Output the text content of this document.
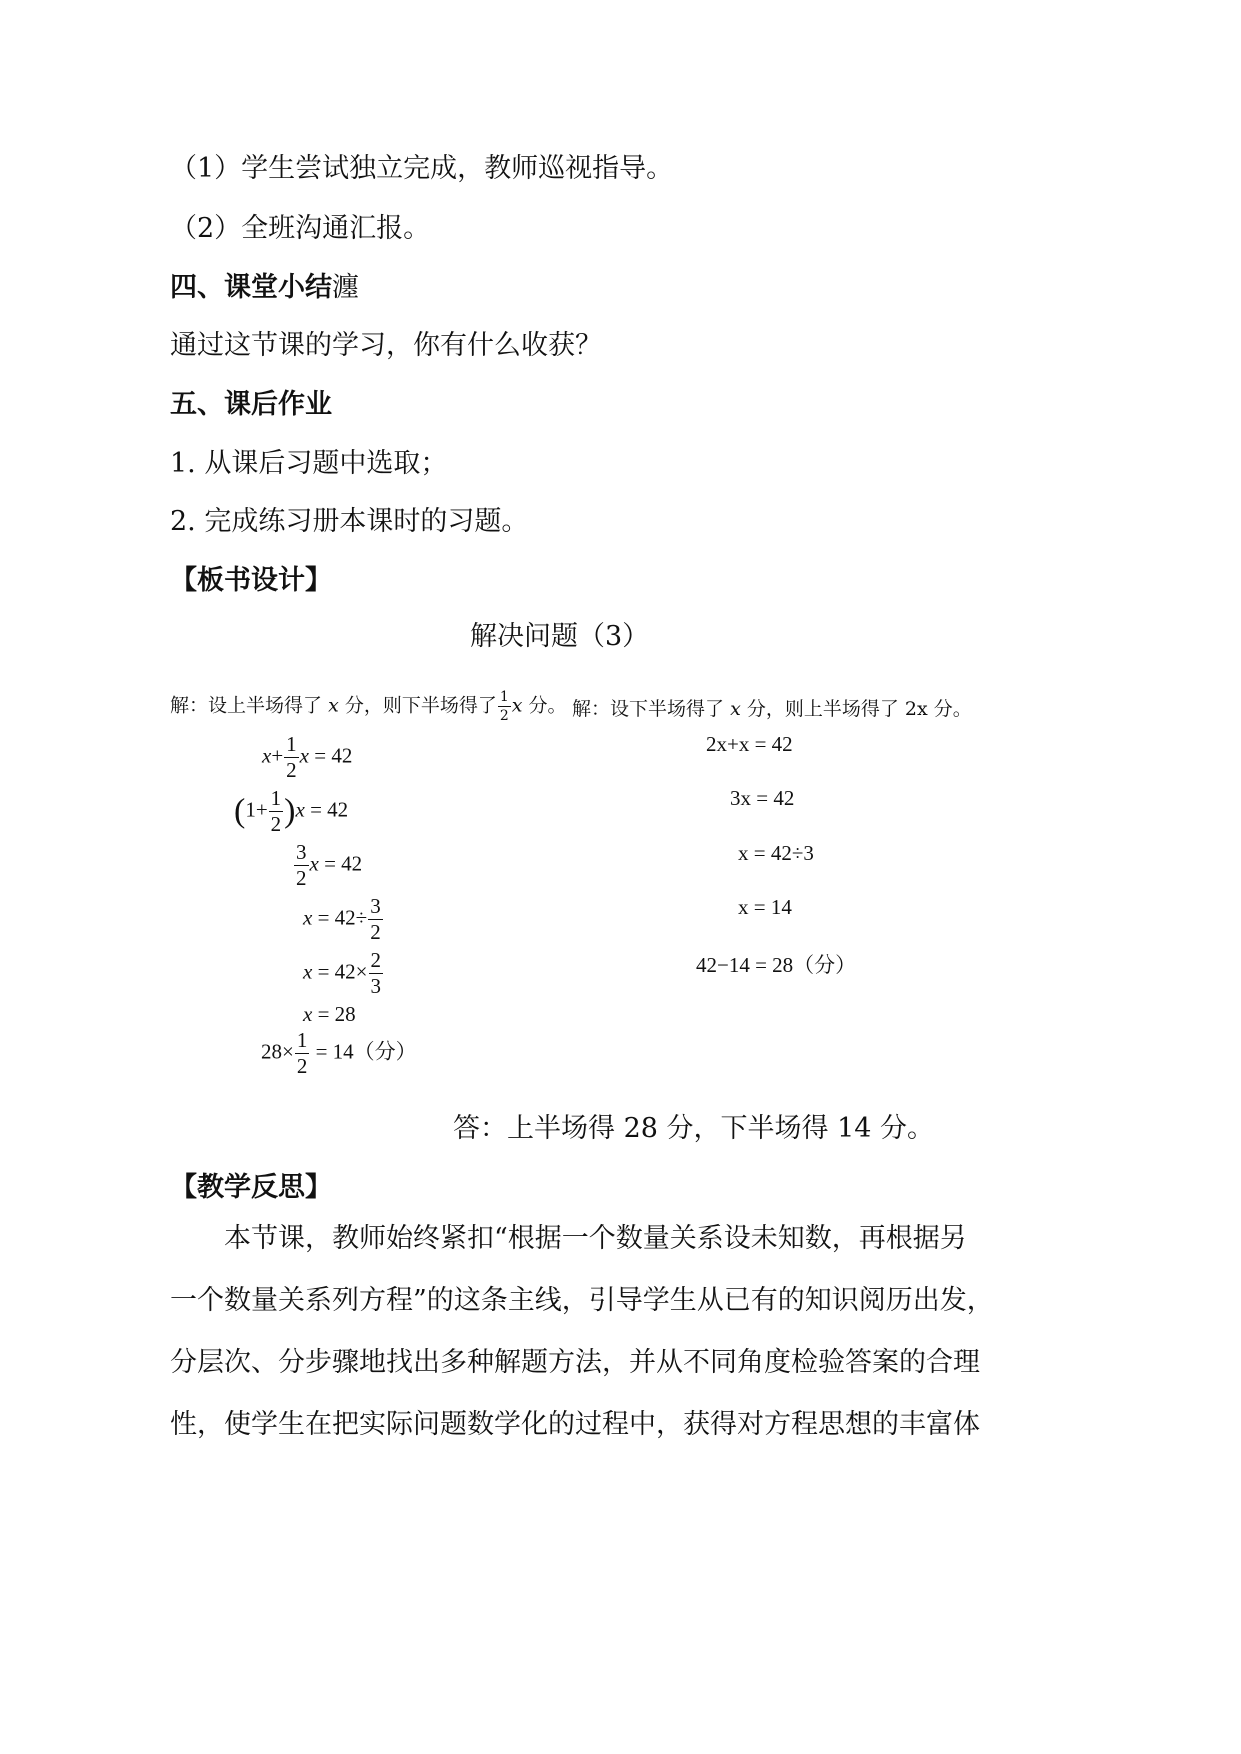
（1）学生尝试独立完成，教师巡视指导。
（2）全班沟通汇报。
四、课堂小结瀍
通过这节课的学习，你有什么收获？
五、课后作业
1. 从课后习题中选取；
2. 完成练习册本课时的习题。
【板书设计】
解决问题（3）
解：设上半场得了 x 分，则下半场得了 $\frac{1}{2}$ x 分。 解：设下半场得了 x 分，则上半场得了 2x 分。
$x+ \frac{1}{2}$ x = 42
$(1+ \frac{1}{2} )x = 42$
$\frac{3}{2}$ x = 42
$x = 42\div \frac{3}{2}$
$x = 42\times \frac{2}{3}$
x = 28
$28\times \frac{1}{2} = 14$（分）
2x+x = 42
3x = 42
x = 42÷3
x = 14
42−14 = 28（分）
答：上半场得 28 分，下半场得 14 分。
【教学反思】
本节课，教师始终紧扣“根据一个数量关系设未知数，再根据另
一个数量关系列方程”的这条主线，引导学生从已有的知识阅历出发，
分层次、分步骤地找出多种解题方法，并从不同角度检验答案的合理
性，使学生在把实际问题数学化的过程中，获得对方程思想的丰富体
